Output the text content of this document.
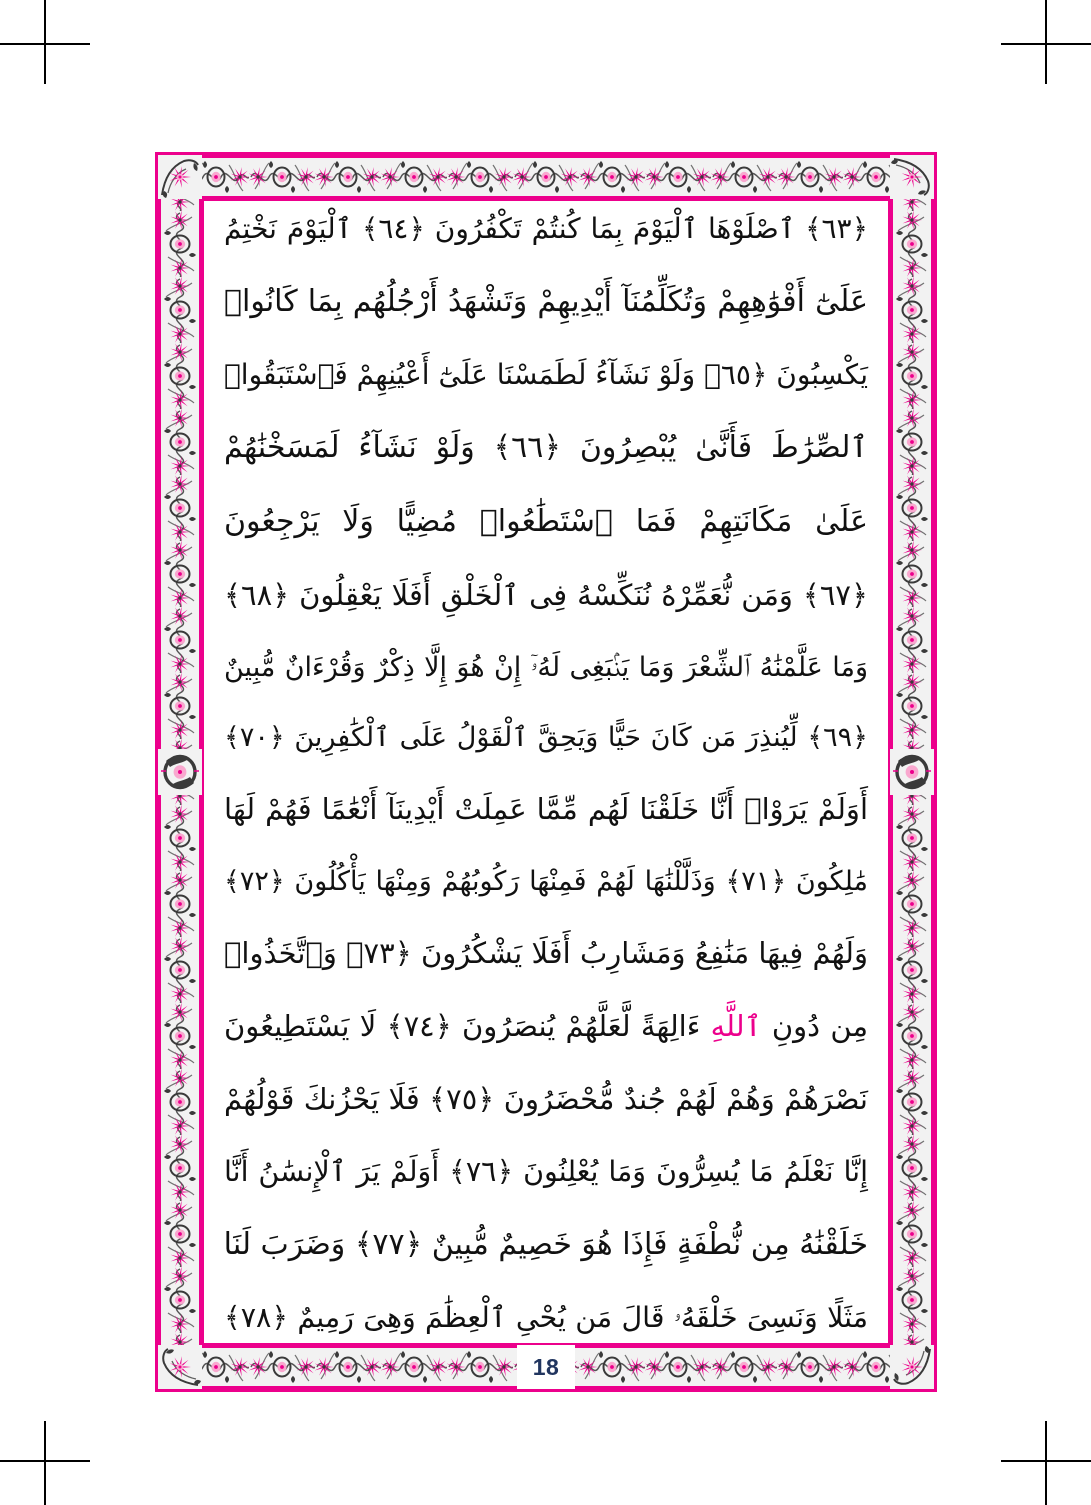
18
﴿٦٣﴾ ٱصْلَوْهَا ٱلْيَوْمَ بِمَا كُنتُمْ تَكْفُرُونَ ﴿٦٤﴾ ٱلْيَوْمَ نَخْتِمُ
عَلَىٰٓ أَفْوَٰهِهِمْ وَتُكَلِّمُنَآ أَيْدِيهِمْ وَتَشْهَدُ أَرْجُلُهُم بِمَا كَانُوا۟
يَكْسِبُونَ ﴿٦٥﴾ وَلَوْ نَشَآءُ لَطَمَسْنَا عَلَىٰٓ أَعْيُنِهِمْ فَٱسْتَبَقُوا۟
ٱلصِّرَٰطَ فَأَنَّىٰ يُبْصِرُونَ ﴿٦٦﴾ وَلَوْ نَشَآءُ لَمَسَخْنَٰهُمْ
عَلَىٰ مَكَانَتِهِمْ فَمَا ٱسْتَطَٰعُوا۟ مُضِيًّا وَلَا يَرْجِعُونَ
﴿٦٧﴾ وَمَن نُّعَمِّرْهُ نُنَكِّسْهُ فِى ٱلْخَلْقِ أَفَلَا يَعْقِلُونَ ﴿٦٨﴾
وَمَا عَلَّمْنَٰهُ ٱلشِّعْرَ وَمَا يَنۢبَغِى لَهُۥٓ إِنْ هُوَ إِلَّا ذِكْرٌ وَقُرْءَانٌ مُّبِينٌ
﴿٦٩﴾ لِّيُنذِرَ مَن كَانَ حَيًّا وَيَحِقَّ ٱلْقَوْلُ عَلَى ٱلْكَٰفِرِينَ ﴿٧٠﴾
أَوَلَمْ يَرَوْا۟ أَنَّا خَلَقْنَا لَهُم مِّمَّا عَمِلَتْ أَيْدِينَآ أَنْعَٰمًا فَهُمْ لَهَا
مَٰلِكُونَ ﴿٧١﴾ وَذَلَّلْنَٰهَا لَهُمْ فَمِنْهَا رَكُوبُهُمْ وَمِنْهَا يَأْكُلُونَ ﴿٧٢﴾
وَلَهُمْ فِيهَا مَنَٰفِعُ وَمَشَارِبُ أَفَلَا يَشْكُرُونَ ﴿٧٣﴾ وَٱتَّخَذُوا۟
مِن دُونِ ٱللَّهِ ءَالِهَةً لَّعَلَّهُمْ يُنصَرُونَ ﴿٧٤﴾ لَا يَسْتَطِيعُونَ
نَصْرَهُمْ وَهُمْ لَهُمْ جُندٌ مُّحْضَرُونَ ﴿٧٥﴾ فَلَا يَحْزُنكَ قَوْلُهُمْ
إِنَّا نَعْلَمُ مَا يُسِرُّونَ وَمَا يُعْلِنُونَ ﴿٧٦﴾ أَوَلَمْ يَرَ ٱلْإِنسَٰنُ أَنَّا
خَلَقْنَٰهُ مِن نُّطْفَةٍ فَإِذَا هُوَ خَصِيمٌ مُّبِينٌ ﴿٧٧﴾ وَضَرَبَ لَنَا
مَثَلًا وَنَسِىَ خَلْقَهُۥ قَالَ مَن يُحْىِ ٱلْعِظَٰمَ وَهِىَ رَمِيمٌ ﴿٧٨﴾
